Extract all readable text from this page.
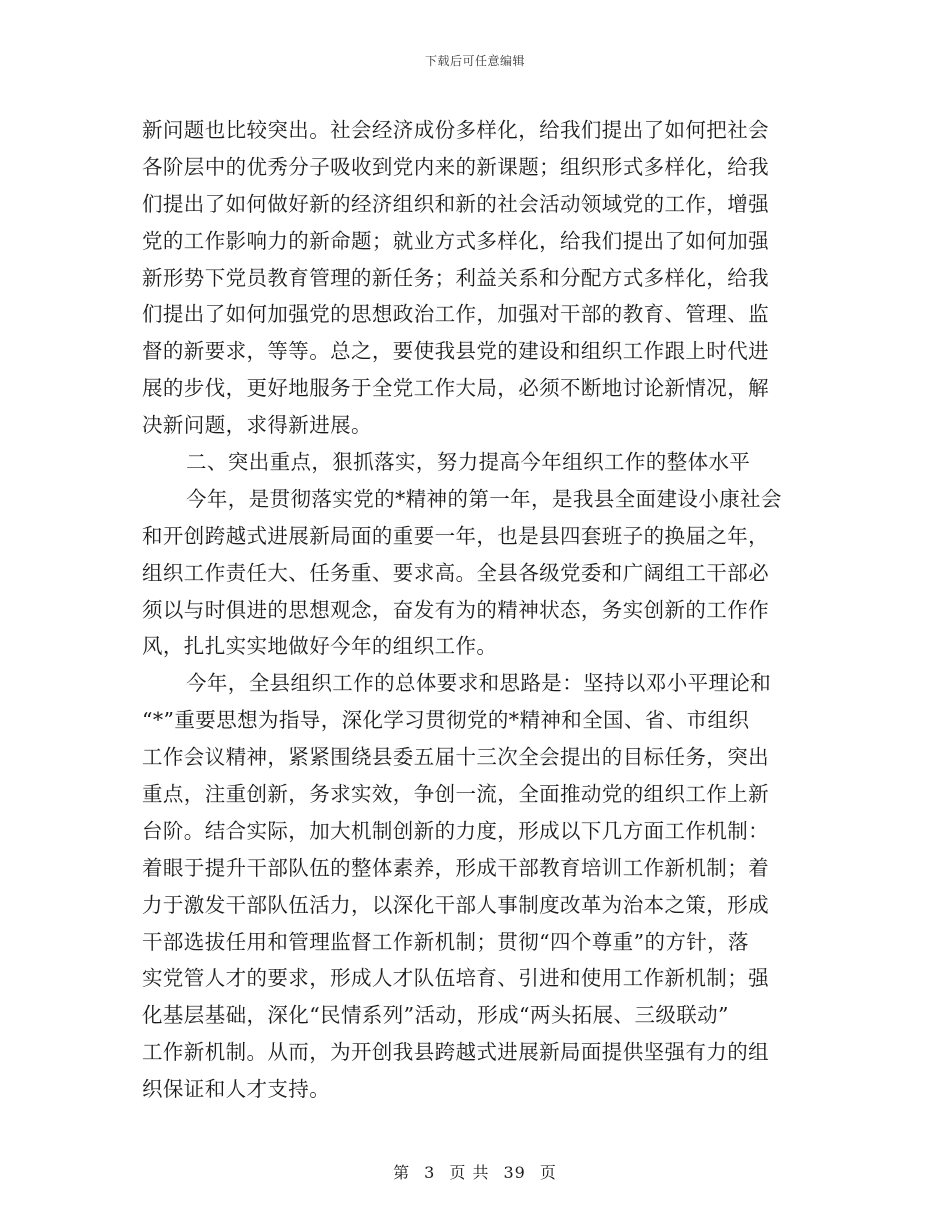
下载后可任意编辑
新问题也比较突出。社会经济成份多样化，给我们提出了如何把社会
各阶层中的优秀分子吸收到党内来的新课题；组织形式多样化，给我
们提出了如何做好新的经济组织和新的社会活动领域党的工作，增强
党的工作影响力的新命题；就业方式多样化，给我们提出了如何加强
新形势下党员教育管理的新任务；利益关系和分配方式多样化，给我
们提出了如何加强党的思想政治工作，加强对干部的教育、管理、监
督的新要求，等等。总之，要使我县党的建设和组织工作跟上时代进
展的步伐，更好地服务于全党工作大局，必须不断地讨论新情况，解
决新问题，求得新进展。
二、突出重点，狠抓落实，努力提高今年组织工作的整体水平
今年，是贯彻落实党的*精神的第一年，是我县全面建设小康社会
和开创跨越式进展新局面的重要一年，也是县四套班子的换届之年，
组织工作责任大、任务重、要求高。全县各级党委和广阔组工干部必
须以与时俱进的思想观念，奋发有为的精神状态，务实创新的工作作
风，扎扎实实地做好今年的组织工作。
今年，全县组织工作的总体要求和思路是：坚持以邓小平理论和
“*”重要思想为指导，深化学习贯彻党的*精神和全国、省、市组织
工作会议精神，紧紧围绕县委五届十三次全会提出的目标任务，突出
重点，注重创新，务求实效，争创一流，全面推动党的组织工作上新
台阶。结合实际，加大机制创新的力度，形成以下几方面工作机制：
着眼于提升干部队伍的整体素养，形成干部教育培训工作新机制；着
力于激发干部队伍活力，以深化干部人事制度改革为治本之策，形成
干部选拔任用和管理监督工作新机制；贯彻“四个尊重”的方针，落
实党管人才的要求，形成人才队伍培育、引进和使用工作新机制；强
化基层基础，深化“民情系列”活动，形成“两头拓展、三级联动”
工作新机制。从而，为开创我县跨越式进展新局面提供坚强有力的组
织保证和人才支持。
第 3 页 共 39 页
